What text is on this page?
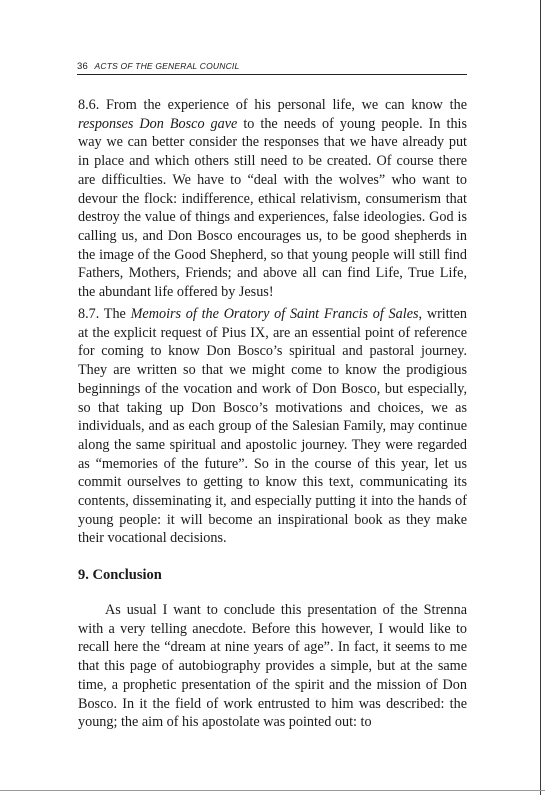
36 ACTS OF THE GENERAL COUNCIL

8.6. From the experience of his personal life, we can know the responses Don Bosco gave to the needs of young people. In this way we can better consider the responses that we have already put in place and which others still need to be created. Of course there are difficulties. We have to “deal with the wolves” who want to devour the flock: indifference, ethical relativism, consumerism that destroy the value of things and experiences, false ideologies. God is calling us, and Don Bosco encourages us, to be good shepherds in the image of the Good Shepherd, so that young people will still find Fathers, Mothers, Friends; and above all can find Life, True Life, the abundant life offered by Jesus!

8.7. The Memoirs of the Oratory of Saint Francis of Sales, written at the explicit request of Pius IX, are an essential point of reference for coming to know Don Bosco’s spiritual and pastoral journey. They are written so that we might come to know the prodigious beginnings of the vocation and work of Don Bosco, but especially, so that taking up Don Bosco’s motivations and choices, we as individuals, and as each group of the Salesian Family, may continue along the same spiritual and apostolic journey. They were regarded as “memories of the future”. So in the course of this year, let us commit ourselves to getting to know this text, communicating its contents, disseminating it, and especially putting it into the hands of young people: it will become an inspirational book as they make their vocational decisions.

9. Conclusion

As usual I want to conclude this presentation of the Strenna with a very telling anecdote. Before this however, I would like to recall here the “dream at nine years of age”. In fact, it seems to me that this page of autobiography provides a simple, but at the same time, a prophetic presentation of the spirit and the mission of Don Bosco. In it the field of work entrusted to him was described: the young; the aim of his apostolate was pointed out: to
